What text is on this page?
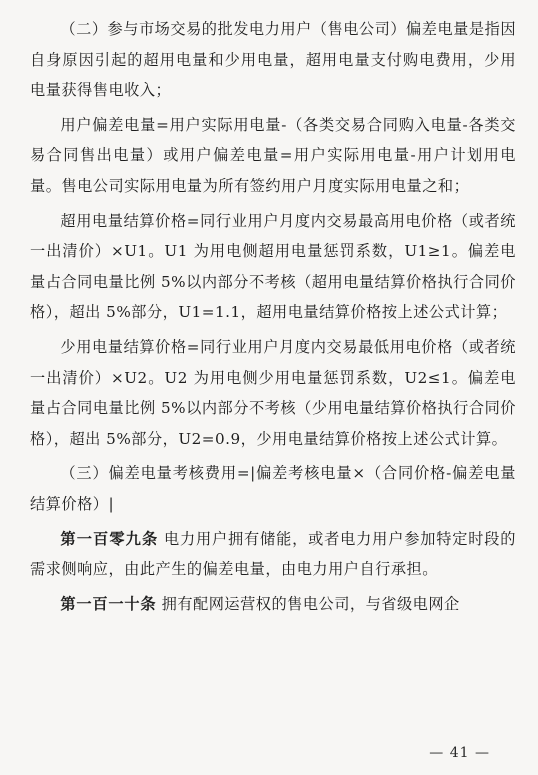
（二）参与市场交易的批发电力用户（售电公司）偏差电量是指因自身原因引起的超用电量和少用电量，超用电量支付购电费用，少用电量获得售电收入；

用户偏差电量=用户实际用电量-（各类交易合同购入电量-各类交易合同售出电量）或用户偏差电量=用户实际用电量-用户计划用电量。售电公司实际用电量为所有签约用户月度实际用电量之和；

超用电量结算价格=同行业用户月度内交易最高用电价格（或者统一出清价）×U1。U1 为用电侧超用电量惩罚系数，U1≥1。偏差电量占合同电量比例 5%以内部分不考核（超用电量结算价格执行合同价格），超出 5%部分，U1=1.1，超用电量结算价格按上述公式计算；

少用电量结算价格=同行业用户月度内交易最低用电价格（或者统一出清价）×U2。U2 为用电侧少用电量惩罚系数，U2≤1。偏差电量占合同电量比例 5%以内部分不考核（少用电量结算价格执行合同价格），超出 5%部分，U2=0.9，少用电量结算价格按上述公式计算。

（三）偏差电量考核费用=|偏差考核电量×（合同价格-偏差电量结算价格）|

第一百零九条 电力用户拥有储能，或者电力用户参加特定时段的需求侧响应，由此产生的偏差电量，由电力用户自行承担。

第一百一十条 拥有配网运营权的售电公司，与省级电网企

— 41 —
